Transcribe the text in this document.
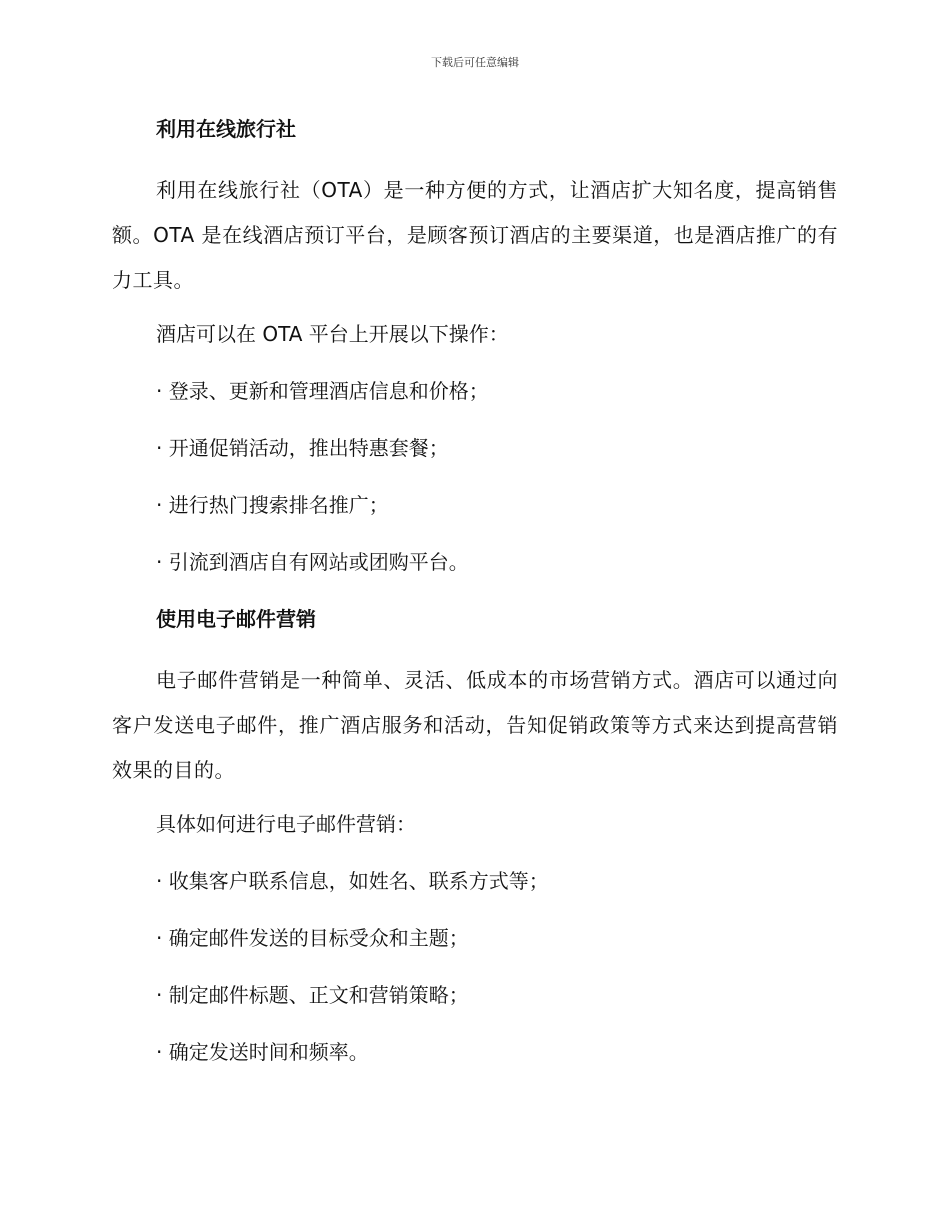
下载后可任意编辑
利用在线旅行社

利用在线旅行社（OTA）是一种方便的方式，让酒店扩大知名度，提高销售额。OTA 是在线酒店预订平台，是顾客预订酒店的主要渠道，也是酒店推广的有力工具。

酒店可以在 OTA 平台上开展以下操作：
· 登录、更新和管理酒店信息和价格；
· 开通促销活动，推出特惠套餐；
· 进行热门搜索排名推广；
· 引流到酒店自有网站或团购平台。
使用电子邮件营销

电子邮件营销是一种简单、灵活、低成本的市场营销方式。酒店可以通过向客户发送电子邮件，推广酒店服务和活动，告知促销政策等方式来达到提高营销效果的目的。

具体如何进行电子邮件营销：
· 收集客户联系信息，如姓名、联系方式等；
· 确定邮件发送的目标受众和主题；
· 制定邮件标题、正文和营销策略；
· 确定发送时间和频率。
